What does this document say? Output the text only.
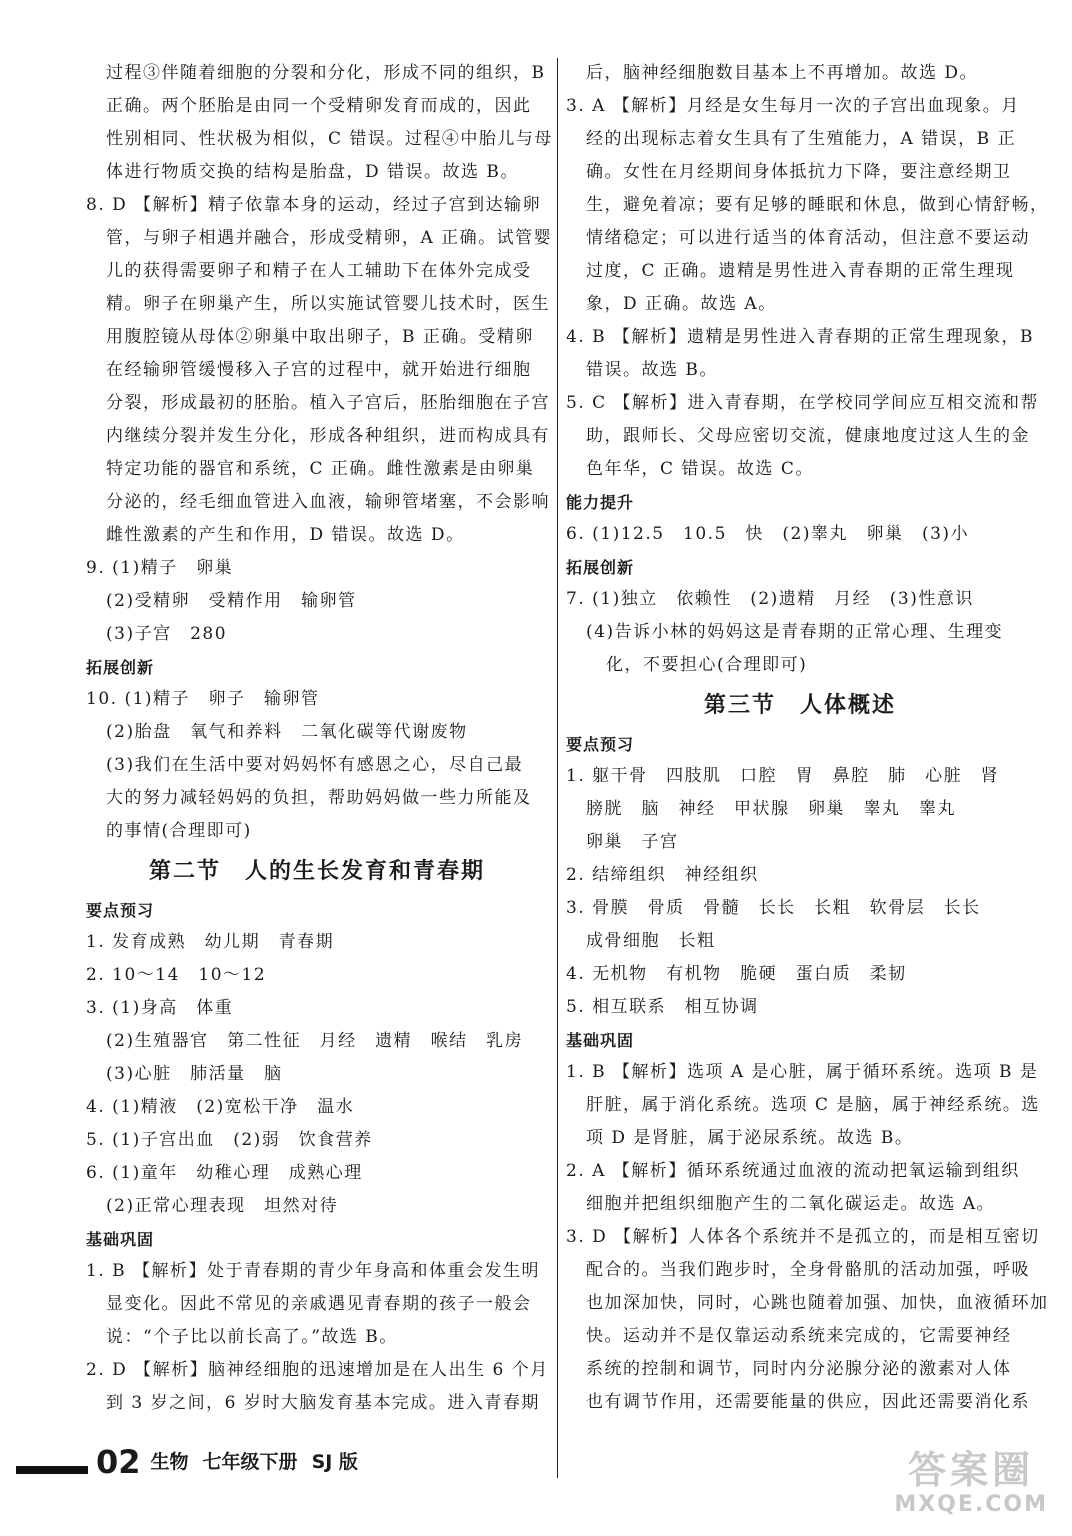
过程③伴随着细胞的分裂和分化，形成不同的组织，B
正确。两个胚胎是由同一个受精卵发育而成的，因此
性别相同、性状极为相似，C 错误。过程④中胎儿与母
体进行物质交换的结构是胎盘，D 错误。故选 B。
8. D 【解析】精子依靠本身的运动，经过子宫到达输卵
管，与卵子相遇并融合，形成受精卵，A 正确。试管婴
儿的获得需要卵子和精子在人工辅助下在体外完成受
精。卵子在卵巢产生，所以实施试管婴儿技术时，医生
用腹腔镜从母体②卵巢中取出卵子，B 正确。受精卵
在经输卵管缓慢移入子宫的过程中，就开始进行细胞
分裂，形成最初的胚胎。植入子宫后，胚胎细胞在子宫
内继续分裂并发生分化，形成各种组织，进而构成具有
特定功能的器官和系统，C 正确。雌性激素是由卵巢
分泌的，经毛细血管进入血液，输卵管堵塞，不会影响
雌性激素的产生和作用，D 错误。故选 D。
9. (1)精子　卵巢
(2)受精卵　受精作用　输卵管
(3)子宫　280
拓展创新
10. (1)精子　卵子　输卵管
(2)胎盘　氧气和养料　二氧化碳等代谢废物
(3)我们在生活中要对妈妈怀有感恩之心，尽自己最
大的努力减轻妈妈的负担，帮助妈妈做一些力所能及
的事情(合理即可)
第二节　人的生长发育和青春期
要点预习
1. 发育成熟　幼儿期　青春期
2. 10～14　10～12
3. (1)身高　体重
(2)生殖器官　第二性征　月经　遗精　喉结　乳房
(3)心脏　肺活量　脑
4. (1)精液　(2)宽松干净　温水
5. (1)子宫出血　(2)弱　饮食营养
6. (1)童年　幼稚心理　成熟心理
(2)正常心理表现　坦然对待
基础巩固
1. B 【解析】处于青春期的青少年身高和体重会发生明
显变化。因此不常见的亲戚遇见青春期的孩子一般会
说：“个子比以前长高了。”故选 B。
2. D 【解析】脑神经细胞的迅速增加是在人出生 6 个月
到 3 岁之间，6 岁时大脑发育基本完成。进入青春期
后，脑神经细胞数目基本上不再增加。故选 D。
3. A 【解析】月经是女生每月一次的子宫出血现象。月
经的出现标志着女生具有了生殖能力，A 错误，B 正
确。女性在月经期间身体抵抗力下降，要注意经期卫
生，避免着凉；要有足够的睡眠和休息，做到心情舒畅，
情绪稳定；可以进行适当的体育活动，但注意不要运动
过度，C 正确。遗精是男性进入青春期的正常生理现
象，D 正确。故选 A。
4. B 【解析】遗精是男性进入青春期的正常生理现象，B
错误。故选 B。
5. C 【解析】进入青春期，在学校同学间应互相交流和帮
助，跟师长、父母应密切交流，健康地度过这人生的金
色年华，C 错误。故选 C。
能力提升
6. (1)12.5　10.5　快　(2)睾丸　卵巢　(3)小
拓展创新
7. (1)独立　依赖性　(2)遗精　月经　(3)性意识
(4)告诉小林的妈妈这是青春期的正常心理、生理变
化，不要担心(合理即可)
第三节　人体概述
要点预习
1. 躯干骨　四肢肌　口腔　胃　鼻腔　肺　心脏　肾
膀胱　脑　神经　甲状腺　卵巢　睾丸　睾丸
卵巢　子宫
2. 结缔组织　神经组织
3. 骨膜　骨质　骨髓　长长　长粗　软骨层　长长
成骨细胞　长粗
4. 无机物　有机物　脆硬　蛋白质　柔韧
5. 相互联系　相互协调
基础巩固
1. B 【解析】选项 A 是心脏，属于循环系统。选项 B 是
肝脏，属于消化系统。选项 C 是脑，属于神经系统。选
项 D 是肾脏，属于泌尿系统。故选 B。
2. A 【解析】循环系统通过血液的流动把氧运输到组织
细胞并把组织细胞产生的二氧化碳运走。故选 A。
3. D 【解析】人体各个系统并不是孤立的，而是相互密切
配合的。当我们跑步时，全身骨骼肌的活动加强，呼吸
也加深加快，同时，心跳也随着加强、加快，血液循环加
快。运动并不是仅靠运动系统来完成的，它需要神经
系统的控制和调节，同时内分泌腺分泌的激素对人体
也有调节作用，还需要能量的供应，因此还需要消化系
02 生物 七年级下册 SJ 版	答案圈
MXQE.COM
